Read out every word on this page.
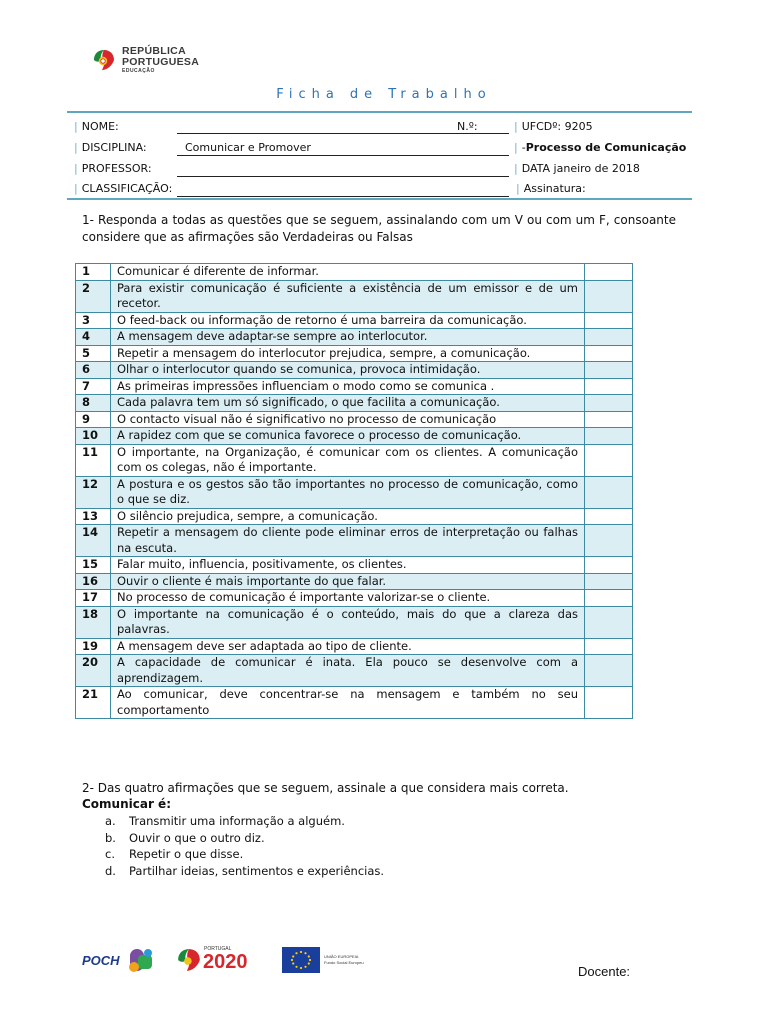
REPÚBLICA
PORTUGUESA
EDUCAÇÃO
Ficha de Trabalho
| NOME:	N.º:	| UFCDº: 9205
| DISCIPLINA:	Comunicar e Promover	| -Processo de Comunicação
| PROFESSOR:	| DATA janeiro de 2018
| CLASSIFICAÇÃO:	| Assinatura:
1- Responda a todas as questões que se seguem, assinalando com um V ou com um F, consoante considere que as afirmações são Verdadeiras ou Falsas
1	Comunicar é diferente de informar.	
2	Para existir comunicação é suficiente a existência de um emissor e de um recetor.	
3	O feed-back ou informação de retorno é uma barreira da comunicação.	
4	A mensagem deve adaptar-se sempre ao interlocutor.	
5	Repetir a mensagem do interlocutor prejudica, sempre, a comunicação.	
6	Olhar o interlocutor quando se comunica, provoca intimidação.	
7	As primeiras impressões influenciam o modo como se comunica .	
8	Cada palavra tem um só significado, o que facilita a comunicação.	
9	O contacto visual não é significativo no processo de comunicação	
10	A rapidez com que se comunica favorece o processo de comunicação.	
11	O importante, na Organização, é comunicar com os clientes. A comunicação com os colegas, não é importante.	
12	A postura e os gestos são tão importantes no processo de comunicação, como o que se diz.	
13	O silêncio prejudica, sempre, a comunicação.	
14	Repetir a mensagem do cliente pode eliminar erros de interpretação ou falhas na escuta.	
15	Falar muito, influencia, positivamente, os clientes.	
16	Ouvir o cliente é mais importante do que falar.	
17	No processo de comunicação é importante valorizar-se o cliente.	
18	O importante na comunicação é o conteúdo, mais do que a clareza das palavras.	
19	A mensagem deve ser adaptada ao tipo de cliente.	
20	A capacidade de comunicar é inata. Ela pouco se desenvolve com a aprendizagem.	
21	Ao comunicar, deve concentrar-se na mensagem e também no seu comportamento	
2- Das quatro afirmações que se seguem, assinale a que considera mais correta.
Comunicar é:
a.	Transmitir uma informação a alguém.
b.	Ouvir o que o outro diz.
c.	Repetir o que disse.
d.	Partilhar ideias, sentimentos e experiências.
POCH
PORTUGAL
2020	UNIÃO EUROPEIA
Fundo Social Europeu
Docente:
